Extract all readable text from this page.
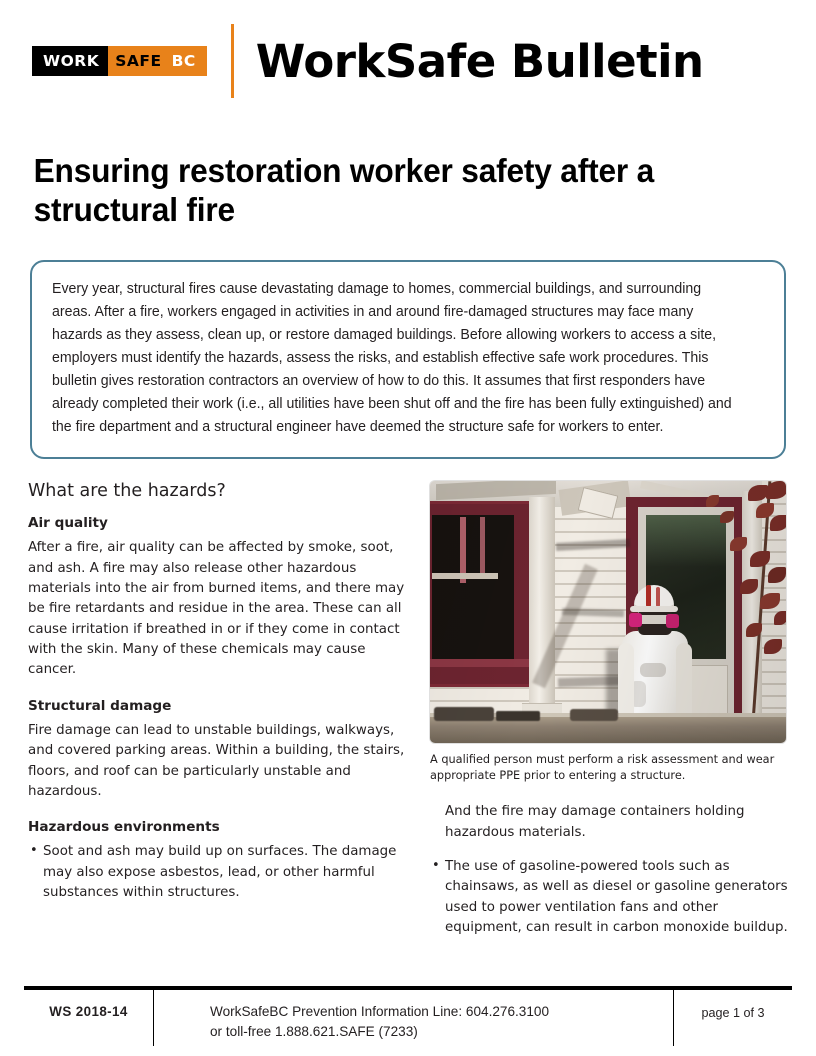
WORK	SAFE BC WorkSafe Bulletin
Ensuring restoration worker safety after a structural fire

Every year, structural fires cause devastating damage to homes, commercial buildings, and surrounding areas. After a fire, workers engaged in activities in and around fire-damaged structures may face many hazards as they assess, clean up, or restore damaged buildings. Before allowing workers to access a site, employers must identify the hazards, assess the risks, and establish effective safe work procedures. This bulletin gives restoration contractors an overview of how to do this. It assumes that first responders have already completed their work (i.e., all utilities have been shut off and the fire has been fully extinguished) and the fire department and a structural engineer have deemed the structure safe for workers to enter.

What are the hazards?
Air quality

After a fire, air quality can be affected by smoke, soot, and ash. A fire may also release other hazardous materials into the air from burned items, and there may be fire retardants and residue in the area. These can all cause irritation if breathed in or if they come in contact with the skin. Many of these chemicals may cause cancer.

Structural damage

Fire damage can lead to unstable buildings, walkways, and covered parking areas. Within a building, the stairs, floors, and roof can be particularly unstable and hazardous.

Hazardous environments
• Soot and ash may build up on surfaces. The damage may also expose asbestos, lead, or other harmful substances within structures.
A qualified person must perform a risk assessment and wear appropriate PPE prior to entering a structure.
And the fire may damage containers holding hazardous materials.
• The use of gasoline-powered tools such as chainsaws, as well as diesel or gasoline generators used to power ventilation fans and other equipment, can result in carbon monoxide buildup.
WS 2018-14	WorkSafeBC Prevention Information Line: 604.276.3100
or toll-free 1.888.621.SAFE (7233)
page 1 of 3
